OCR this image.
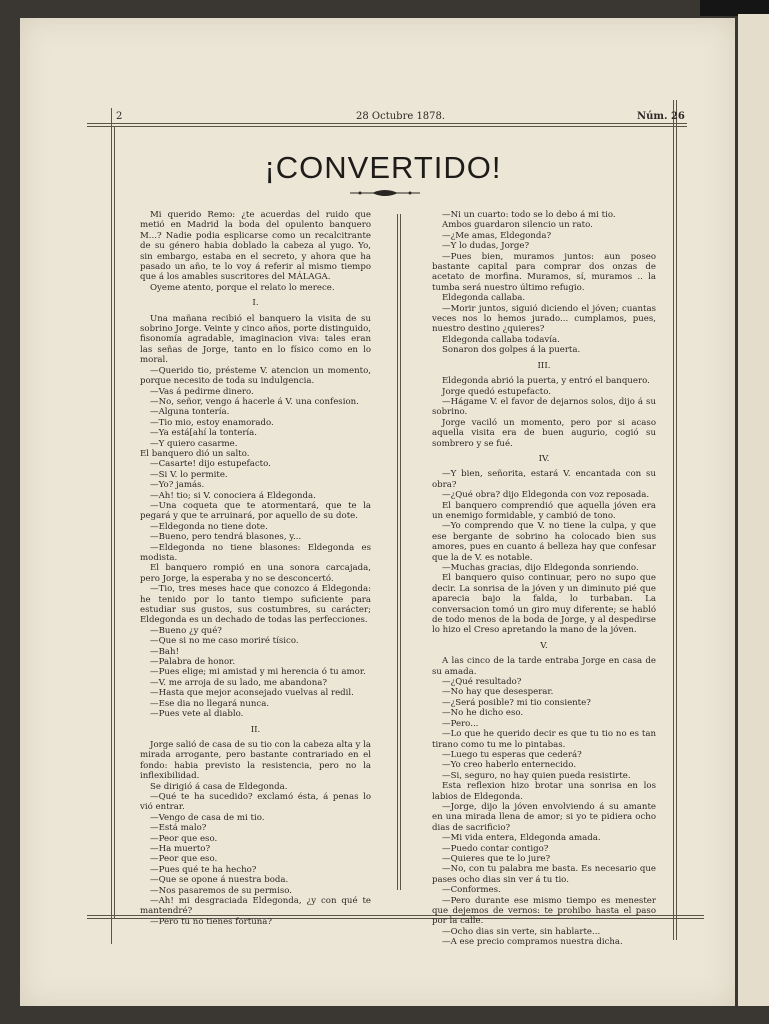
2	28 Octubre 1878.	Núm. 26
¡CONVERTIDO!

Mi querido Remo: ¿te acuerdas del ruido que metió en Madrid la boda del opulento banquero M...? Nadie podia esplicarse como un recalcitrante de su género habia doblado la cabeza al yugo. Yo, sin embargo, estaba en el secreto, y ahora que ha pasado un año, te lo voy á referir al mismo tiempo que á los amables suscritores del MÁLAGA.

Oyeme atento, porque el relato lo merece.

I.

Una mañana recibió el banquero la visita de su sobrino Jorge. Veinte y cinco años, porte distinguido, fisonomía agradable, imaginacion viva: tales eran las señas de Jorge, tanto en lo físico como en lo moral.

—Querido tio, présteme V. atencion un momento, porque necesito de toda su indulgencia.

—Vas á pedirme dinero.

—No, señor, vengo á hacerle á V. una confesion.

—Alguna tontería.

—Tio mio, estoy enamorado.

—Ya está[ahí la tontería.

—Y quiero casarme.

El banquero dió un salto.

—Casarte! dijo estupefacto.

—Si V. lo permite.

—Yo? jamás.

—Ah! tio; si V. conociera á Eldegonda.

—Una coqueta que te atormentará, que te la pegará y que te arruinará, por aquello de su dote.

—Eldegonda no tiene dote.

—Bueno, pero tendrá blasones, y...

—Eldegonda no tiene blasones: Eldegonda es modista.

El banquero rompió en una sonora carcajada, pero Jorge, la esperaba y no se desconcertó.

—Tio, tres meses hace que conozco á Eldegonda: he tenido por lo tanto tiempo suficiente para estudiar sus gustos, sus costumbres, su carácter; Eldegonda es un dechado de todas las perfecciones.

—Bueno ¿y qué?

—Que si no me caso moriré tísico.

—Bah!

—Palabra de honor.

—Pues elige; mi amistad y mi herencia ó tu amor.

—V. me arroja de su lado, me abandona?

—Hasta que mejor aconsejado vuelvas al redil.

—Ese dia no llegará nunca.

—Pues vete al diablo.

II.

Jorge salió de casa de su tio con la cabeza alta y la mirada arrogante, pero bastante contrariado en el fondo: habia previsto la resistencia, pero no la inflexibilidad.

Se dirigió á casa de Eldegonda.

—Qué te ha sucedido? exclamó ésta, á penas lo vió entrar.

—Vengo de casa de mi tio.

—Está malo?

—Peor que eso.

—Ha muerto?

—Peor que eso.

—Pues qué te ha hecho?

—Que se opone á nuestra boda.

—Nos pasaremos de su permiso.

—Ah! mi desgraciada Eldegonda, ¿y con qué te mantendré?

—Pero tu no tienes fortuna?

—Ni un cuarto: todo se lo debo á mi tio.

Ambos guardaron silencio un rato.

—¿Me amas, Eldegonda?

—Y lo dudas, Jorge?

—Pues bien, muramos juntos: aun poseo bastante capital para comprar dos onzas de acetato de morfina. Muramos, sí, muramos .. la tumba será nuestro último refugio.

Eldegonda callaba.

—Morir juntos, siguió diciendo el jóven; cuantas veces nos lo hemos jurado... cumplamos, pues, nuestro destino ¿quieres?

Eldegonda callaba todavía.

Sonaron dos golpes á la puerta.

III.

Eldegonda abrió la puerta, y entró el banquero.

Jorge quedó estupefacto.

—Hágame V. el favor de dejarnos solos, dijo á su sobrino.

Jorge vaciló un momento, pero por si acaso aquella visita era de buen augurio, cogió su sombrero y se fué.

IV.

—Y bien, señorita, estará V. encantada con su obra?

—¿Qué obra? dijo Eldegonda con voz reposada.

El banquero comprendió que aquella jóven era un enemigo formidable, y cambió de tono.

—Yo comprendo que V. no tiene la culpa, y que ese bergante de sobrino ha colocado bien sus amores, pues en cuanto á belleza hay que confesar que la de V. es notable.

—Muchas gracias, dijo Eldegonda sonriendo.

El banquero quiso continuar, pero no supo que decir. La sonrisa de la jóven y un diminuto pié que aparecia bajo la falda, lo turbaban. La conversacion tomó un giro muy diferente; se habló de todo menos de la boda de Jorge, y al despedirse lo hizo el Creso apretando la mano de la jóven.

V.

A las cinco de la tarde entraba Jorge en casa de su amada.

—¿Qué resultado?

—No hay que desesperar.

—¿Será posible? mi tio consiente?

—No he dicho eso.

—Pero...

—Lo que he querido decir es que tu tio no es tan tirano como tu me lo pintabas.

—Luego tu esperas que cederá?

—Yo creo haberlo enternecido.

—Si, seguro, no hay quien pueda resistirte.

Esta reflexion hizo brotar una sonrisa en los labios de Eldegonda.

—Jorge, dijo la jóven envolviendo á su amante en una mirada llena de amor; si yo te pidiera ocho dias de sacrificio?

—Mi vida entera, Eldegonda amada.

—Puedo contar contigo?

—Quieres que te lo jure?

—No, con tu palabra me basta. Es necesario que pases ocho dias sin ver á tu tio.

—Conformes.

—Pero durante ese mismo tiempo es menester que dejemos de vernos: te prohibo hasta el paso por la calle.

—Ocho dias sin verte, sin hablarte...

—A ese precio compramos nuestra dicha.
